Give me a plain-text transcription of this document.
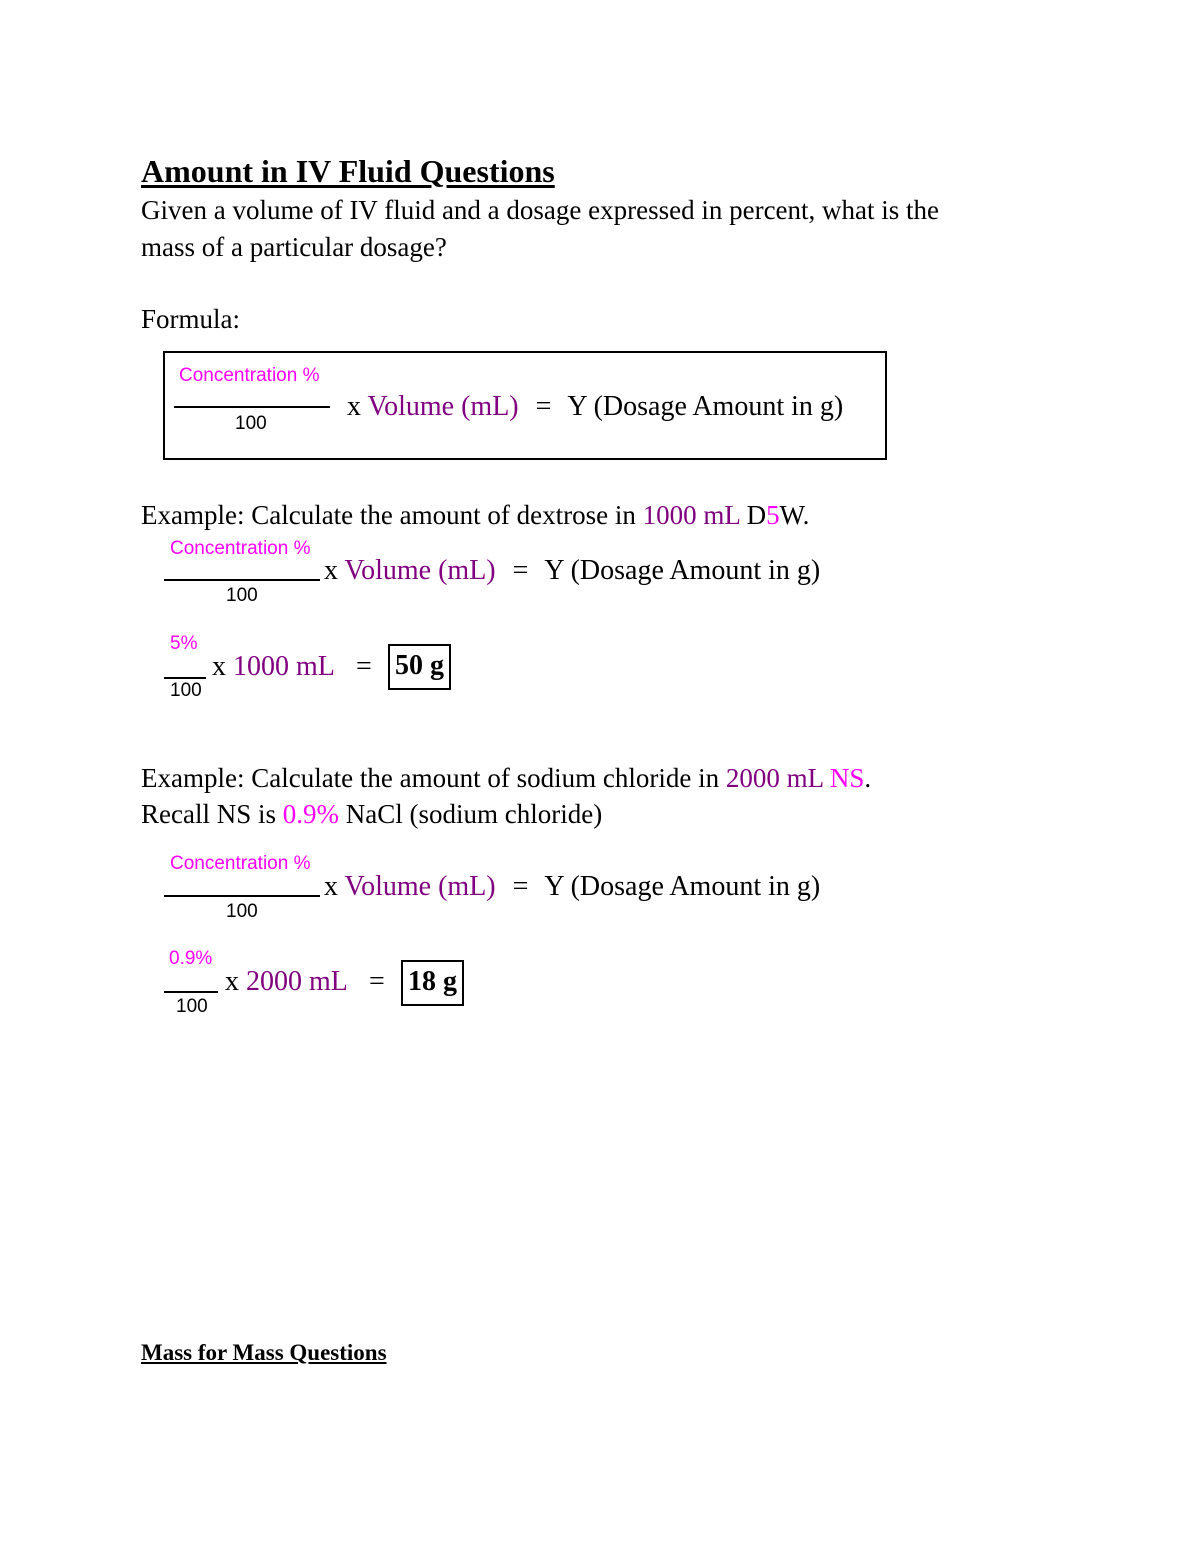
Amount in IV Fluid Questions
Given a volume of IV fluid and a dosage expressed in percent, what is the
mass of a particular dosage?
Formula:
Concentration %
100
x Volume (mL) = Y (Dosage Amount in g)
Example: Calculate the amount of dextrose in 1000 mL D5W.
Concentration %
100
x Volume (mL) = Y (Dosage Amount in g)
5%
100
x 1000 mL = 50 g
Example: Calculate the amount of sodium chloride in 2000 mL NS.
Recall NS is 0.9% NaCl (sodium chloride)
Concentration %
100
x Volume (mL) = Y (Dosage Amount in g)
0.9%
100
x 2000 mL = 18 g
Mass for Mass Questions
